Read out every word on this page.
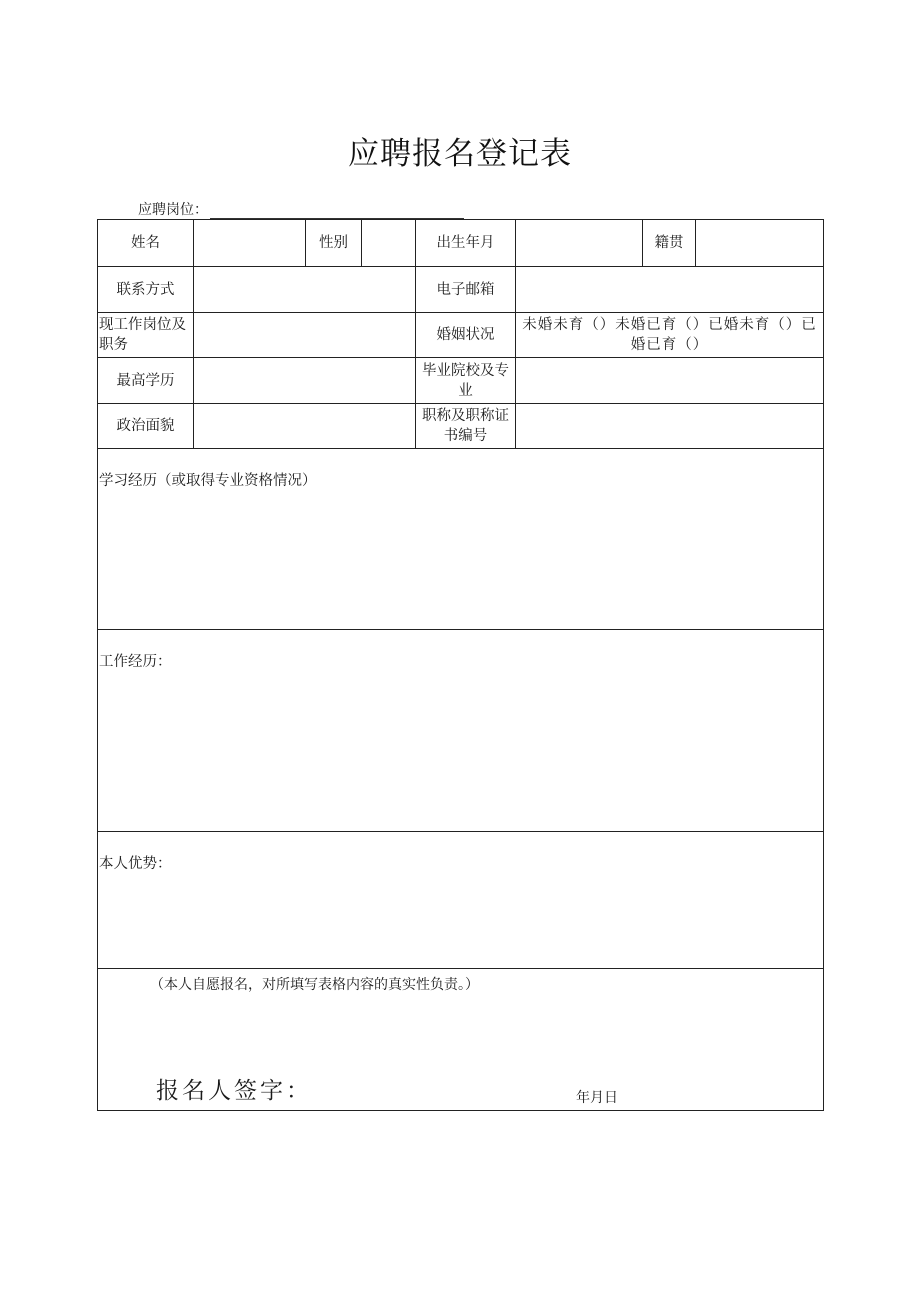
应聘报名登记表
应聘岗位：
姓名		性别		出生年月		籍贯	
联系方式				电子邮箱			
现工作岗位及职务				婚姻状况	未婚未育（）未婚已育（）已婚未育（）已婚已育（）		
最高学历				毕业院校及专业			
政治面貌				职称及职称证书编号			
学习经历（或取得专业资格情况）							
工作经历：							
本人优势：							

（本人自愿报名，对所填写表格内容的真实性负责。）
报名人签字： 年月日							
